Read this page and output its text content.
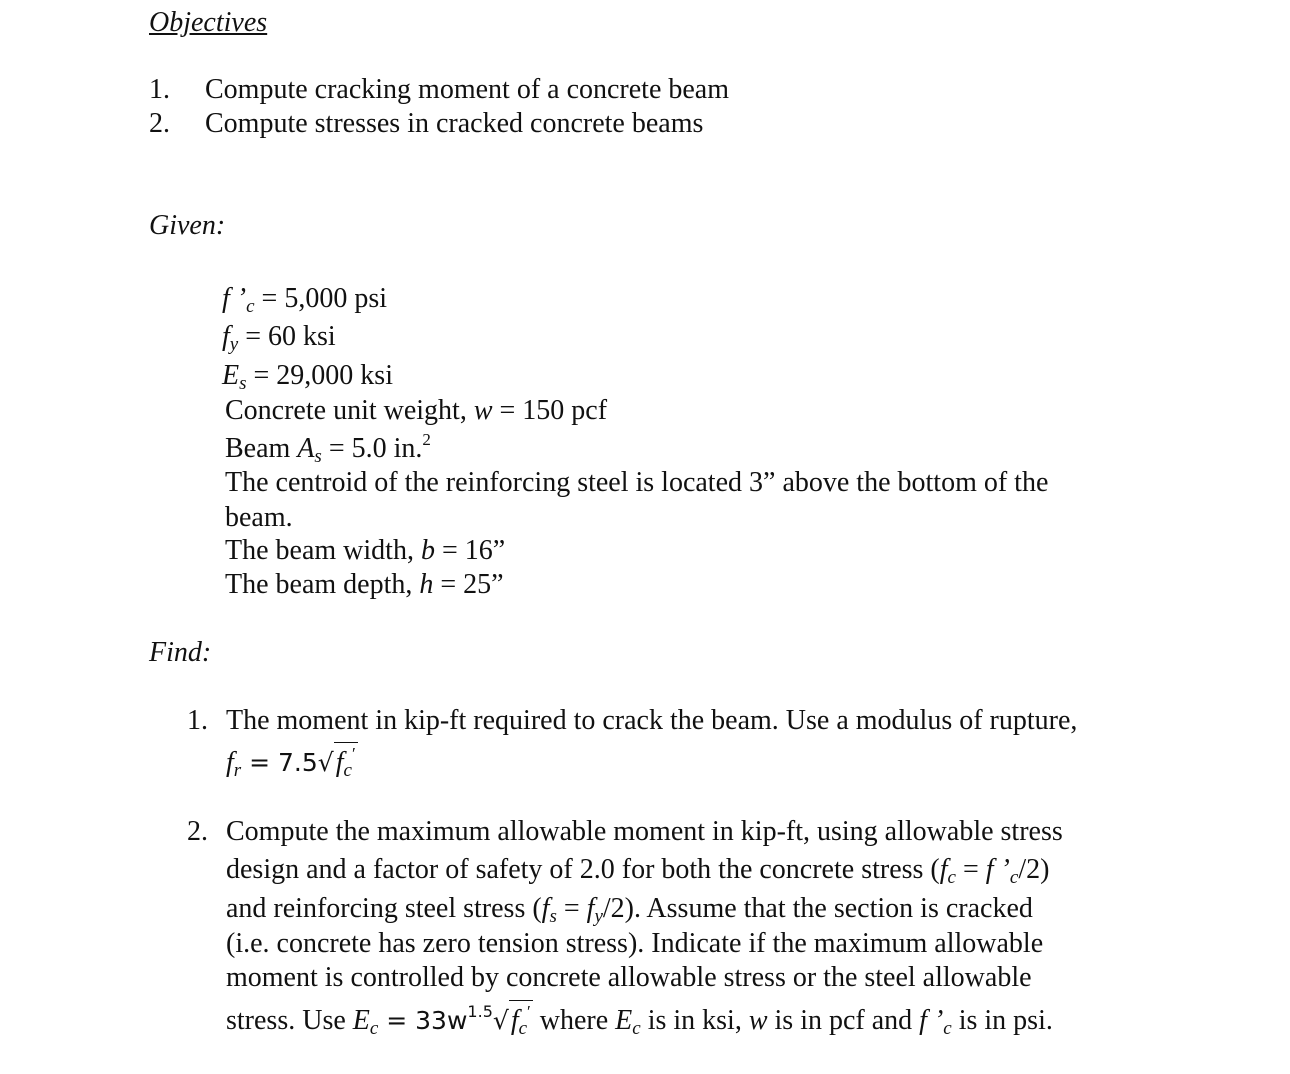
Objectives
1. Compute cracking moment of a concrete beam
2. Compute stresses in cracked concrete beams
Given:
f $’_c = 5,000$ psi
$f_y = 60$ ksi
$E_s = 29,000$ ksi
Concrete unit weight, w = 150 pcf
Beam $A_s = 5.0$ in.$^2$
The centroid of the reinforcing steel is located 3” above the bottom of the
beam.
The beam width, b = 16”
The beam depth, h = 25”
Find:
1. The moment in kip-ft required to crack the beam. Use a modulus of rupture,
$f_r = 7.5√f_c'$
2. Compute the maximum allowable moment in kip-ft, using allowable stress
design and a factor of safety of 2.0 for both the concrete stress ($f_c = f$ $’_c/2$)
and reinforcing steel stress $(f_s = f_y/2)$. Assume that the section is cracked
(i.e. concrete has zero tension stress). Indicate if the maximum allowable
moment is controlled by concrete allowable stress or the steel allowable
stress. Use $E_c = 33w^{1.5}√f_c'$ where $E_c$ is in ksi, w is in pcf and f $’_c$ is in psi.
